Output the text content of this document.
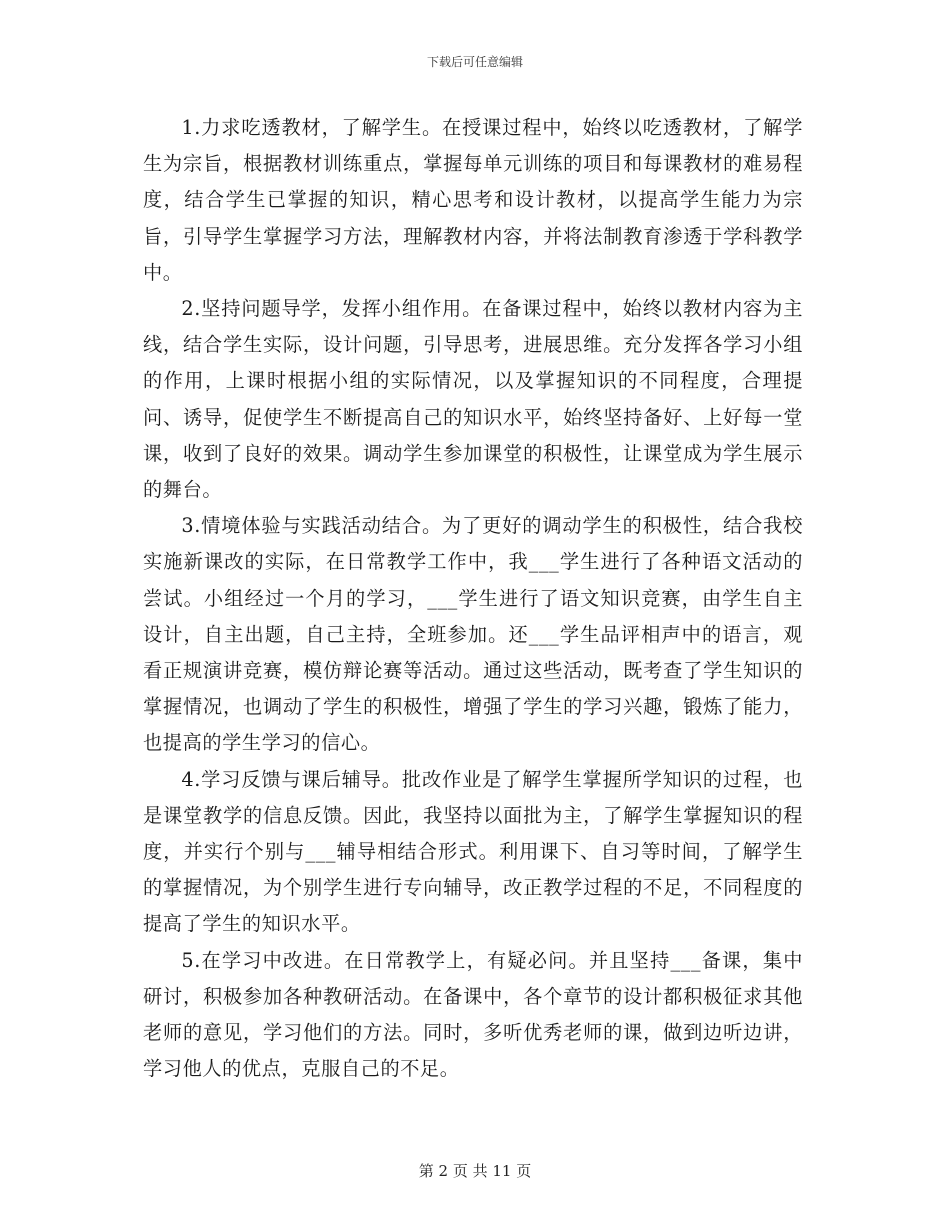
下载后可任意编辑

1.力求吃透教材，了解学生。在授课过程中，始终以吃透教材，了解学生为宗旨，根据教材训练重点，掌握每单元训练的项目和每课教材的难易程度，结合学生已掌握的知识，精心思考和设计教材，以提高学生能力为宗旨，引导学生掌握学习方法，理解教材内容，并将法制教育渗透于学科教学中。

2.坚持问题导学，发挥小组作用。在备课过程中，始终以教材内容为主线，结合学生实际，设计问题，引导思考，进展思维。充分发挥各学习小组的作用，上课时根据小组的实际情况，以及掌握知识的不同程度，合理提问、诱导，促使学生不断提高自己的知识水平，始终坚持备好、上好每一堂课，收到了良好的效果。调动学生参加课堂的积极性，让课堂成为学生展示的舞台。

3.情境体验与实践活动结合。为了更好的调动学生的积极性，结合我校实施新课改的实际，在日常教学工作中，我___学生进行了各种语文活动的尝试。小组经过一个月的学习，___学生进行了语文知识竞赛，由学生自主设计，自主出题，自己主持，全班参加。还___学生品评相声中的语言，观看正规演讲竞赛，模仿辩论赛等活动。通过这些活动，既考查了学生知识的掌握情况，也调动了学生的积极性，增强了学生的学习兴趣，锻炼了能力，也提高的学生学习的信心。

4.学习反馈与课后辅导。批改作业是了解学生掌握所学知识的过程，也是课堂教学的信息反馈。因此，我坚持以面批为主，了解学生掌握知识的程度，并实行个别与___辅导相结合形式。利用课下、自习等时间，了解学生的掌握情况，为个别学生进行专向辅导，改正教学过程的不足，不同程度的提高了学生的知识水平。

5.在学习中改进。在日常教学上，有疑必问。并且坚持___备课，集中研讨，积极参加各种教研活动。在备课中，各个章节的设计都积极征求其他老师的意见，学习他们的方法。同时，多听优秀老师的课，做到边听边讲，学习他人的优点，克服自己的不足。

第 2 页 共 11 页
